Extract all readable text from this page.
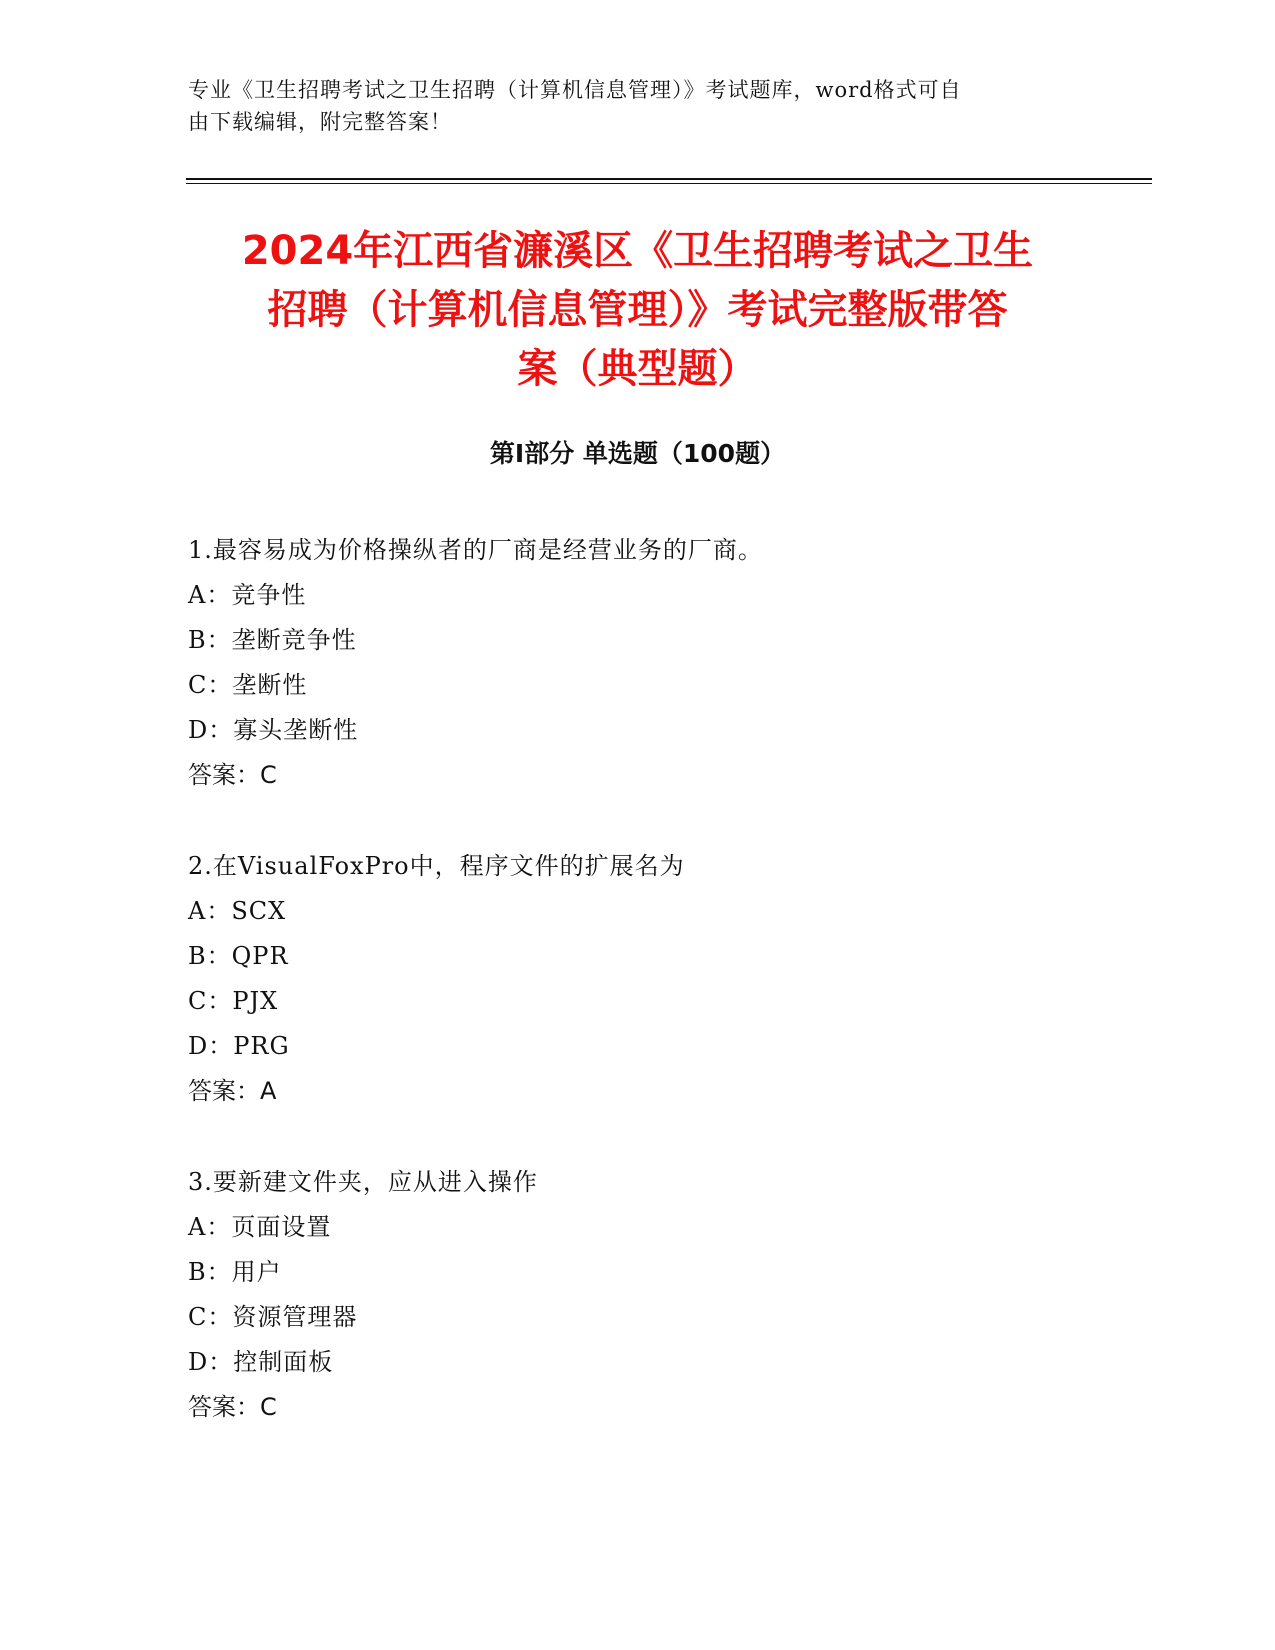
专业《卫生招聘考试之卫生招聘（计算机信息管理）》考试题库，word格式可自
由下载编辑，附完整答案！
2024年江西省濂溪区《卫生招聘考试之卫生
招聘（计算机信息管理）》考试完整版带答
案（典型题）
第Ⅰ部分 单选题（100题）
1.最容易成为价格操纵者的厂商是经营业务的厂商。
A：竞争性
B：垄断竞争性
C：垄断性
D：寡头垄断性
答案：C
2.在VisualFoxPro中，程序文件的扩展名为
A：SCX
B：QPR
C：PJX
D：PRG
答案：A
3.要新建文件夹，应从进入操作
A：页面设置
B：用户
C：资源管理器
D：控制面板
答案：C
